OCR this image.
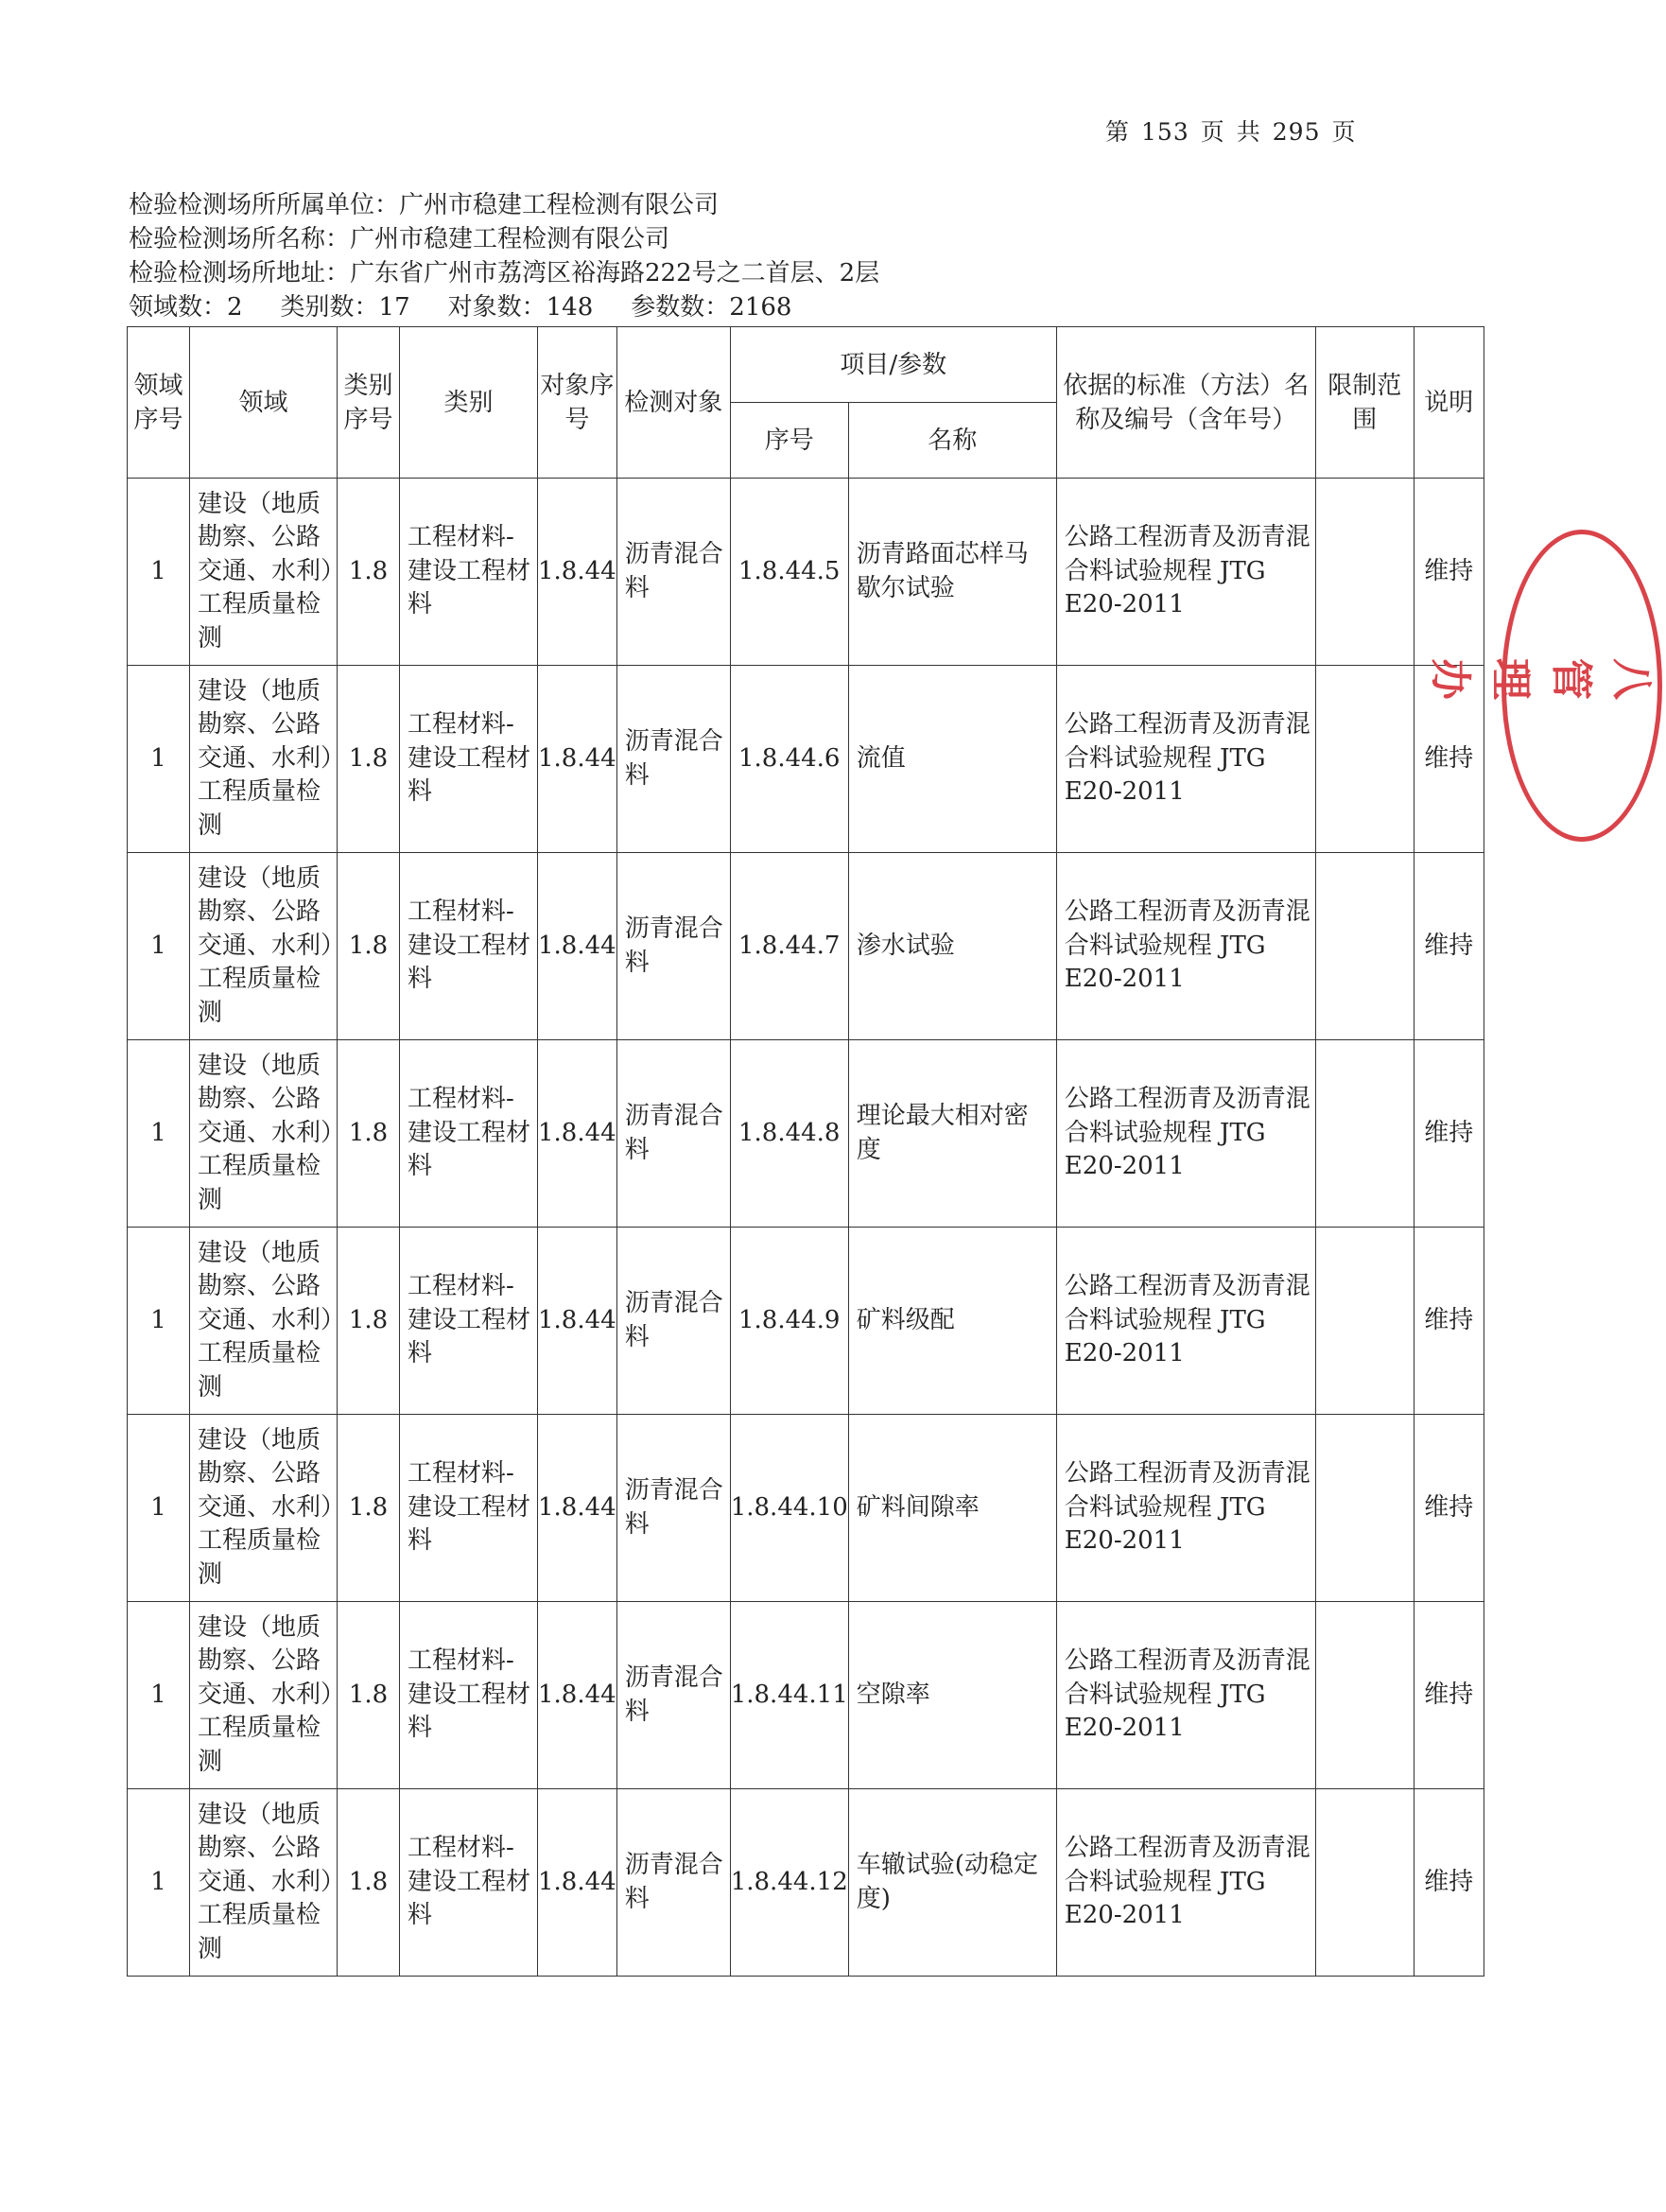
第 153 页 共 295 页
检验检测场所所属单位：广州市稳建工程检测有限公司
检验检测场所名称：广州市稳建工程检测有限公司
检验检测场所地址：广东省广州市荔湾区裕海路222号之二首层、2层
领域数：2 类别数：17 对象数：148 参数数：2168
领域序号	领域	类别序号	类别	对象序号	检测对象	项目/参数		依据的标准（方法）名称及编号（含年号）	限制范围	说明
						序号	名称			
1	建设（地质勘察、公路交通、水利）工程质量检测	1.8	工程材料-建设工程材料	1.8.44	沥青混合料	1.8.44.5	沥青路面芯样马歇尔试验	公路工程沥青及沥青混合料试验规程 JTG E20-2011		维持
1	建设（地质勘察、公路交通、水利）工程质量检测	1.8	工程材料-建设工程材料	1.8.44	沥青混合料	1.8.44.6	流值	公路工程沥青及沥青混合料试验规程 JTG E20-2011		维持
1	建设（地质勘察、公路交通、水利）工程质量检测	1.8	工程材料-建设工程材料	1.8.44	沥青混合料	1.8.44.7	渗水试验	公路工程沥青及沥青混合料试验规程 JTG E20-2011		维持
1	建设（地质勘察、公路交通、水利）工程质量检测	1.8	工程材料-建设工程材料	1.8.44	沥青混合料	1.8.44.8	理论最大相对密度	公路工程沥青及沥青混合料试验规程 JTG E20-2011		维持
1	建设（地质勘察、公路交通、水利）工程质量检测	1.8	工程材料-建设工程材料	1.8.44	沥青混合料	1.8.44.9	矿料级配	公路工程沥青及沥青混合料试验规程 JTG E20-2011		维持
1	建设（地质勘察、公路交通、水利）工程质量检测	1.8	工程材料-建设工程材料	1.8.44	沥青混合料	1.8.44.10	矿料间隙率	公路工程沥青及沥青混合料试验规程 JTG E20-2011		维持
1	建设（地质勘察、公路交通、水利）工程质量检测	1.8	工程材料-建设工程材料	1.8.44	沥青混合料	1.8.44.11	空隙率	公路工程沥青及沥青混合料试验规程 JTG E20-2011		维持
1	建设（地质勘察、公路交通、水利）工程质量检测	1.8	工程材料-建设工程材料	1.8.44	沥青混合料	1.8.44.12	车辙试验(动稳定度)	公路工程沥青及沥青混合料试验规程 JTG E20-2011		维持
八管理办
